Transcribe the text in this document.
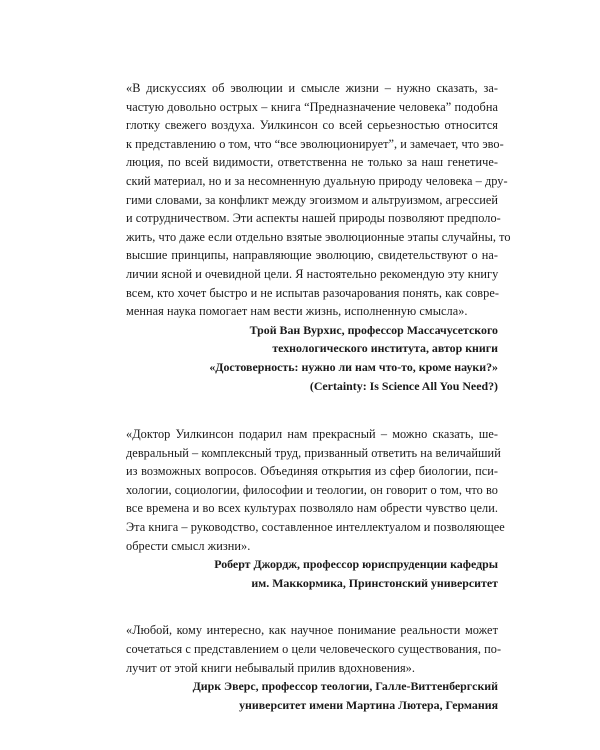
«В дискуссиях об эволюции и смысле жизни – нужно сказать, за-
частую довольно острых – книга “Предназначение человека” подобна
глотку свежего воздуха. Уилкинсон со всей серьезностью относится
к представлению о том, что “все эволюционирует”, и замечает, что эво-
люция, по всей видимости, ответственна не только за наш генетиче-
ский материал, но и за несомненную дуальную природу человека – дру-
гими словами, за конфликт между эгоизмом и альтруизмом, агрессией
и сотрудничеством. Эти аспекты нашей природы позволяют предполо-
жить, что даже если отдельно взятые эволюционные этапы случайны, то
высшие принципы, направляющие эволюцию, свидетельствуют о на-
личии ясной и очевидной цели. Я настоятельно рекомендую эту книгу
всем, кто хочет быстро и не испытав разочарования понять, как совре-
менная наука помогает нам вести жизнь, исполненную смысла».
Трой Ван Вурхис, профессор Массачусетского
технологического института, автор книги
«Достоверность: нужно ли нам что-то, кроме науки?»
(Certainty: Is Science All You Need?)
«Доктор Уилкинсон подарил нам прекрасный – можно сказать, ше-
девральный – комплексный труд, призванный ответить на величайший
из возможных вопросов. Объединяя открытия из сфер биологии, пси-
хологии, социологии, философии и теологии, он говорит о том, что во
все времена и во всех культурах позволяло нам обрести чувство цели.
Эта книга – руководство, составленное интеллектуалом и позволяющее
обрести смысл жизни».
Роберт Джордж, профессор юриспруденции кафедры
им. Маккормика, Принстонский университет
«Любой, кому интересно, как научное понимание реальности может
сочетаться с представлением о цели человеческого существования, по-
лучит от этой книги небывалый прилив вдохновения».
Дирк Эверс, профессор теологии, Галле-Виттенбергский
университет имени Мартина Лютера, Германия
